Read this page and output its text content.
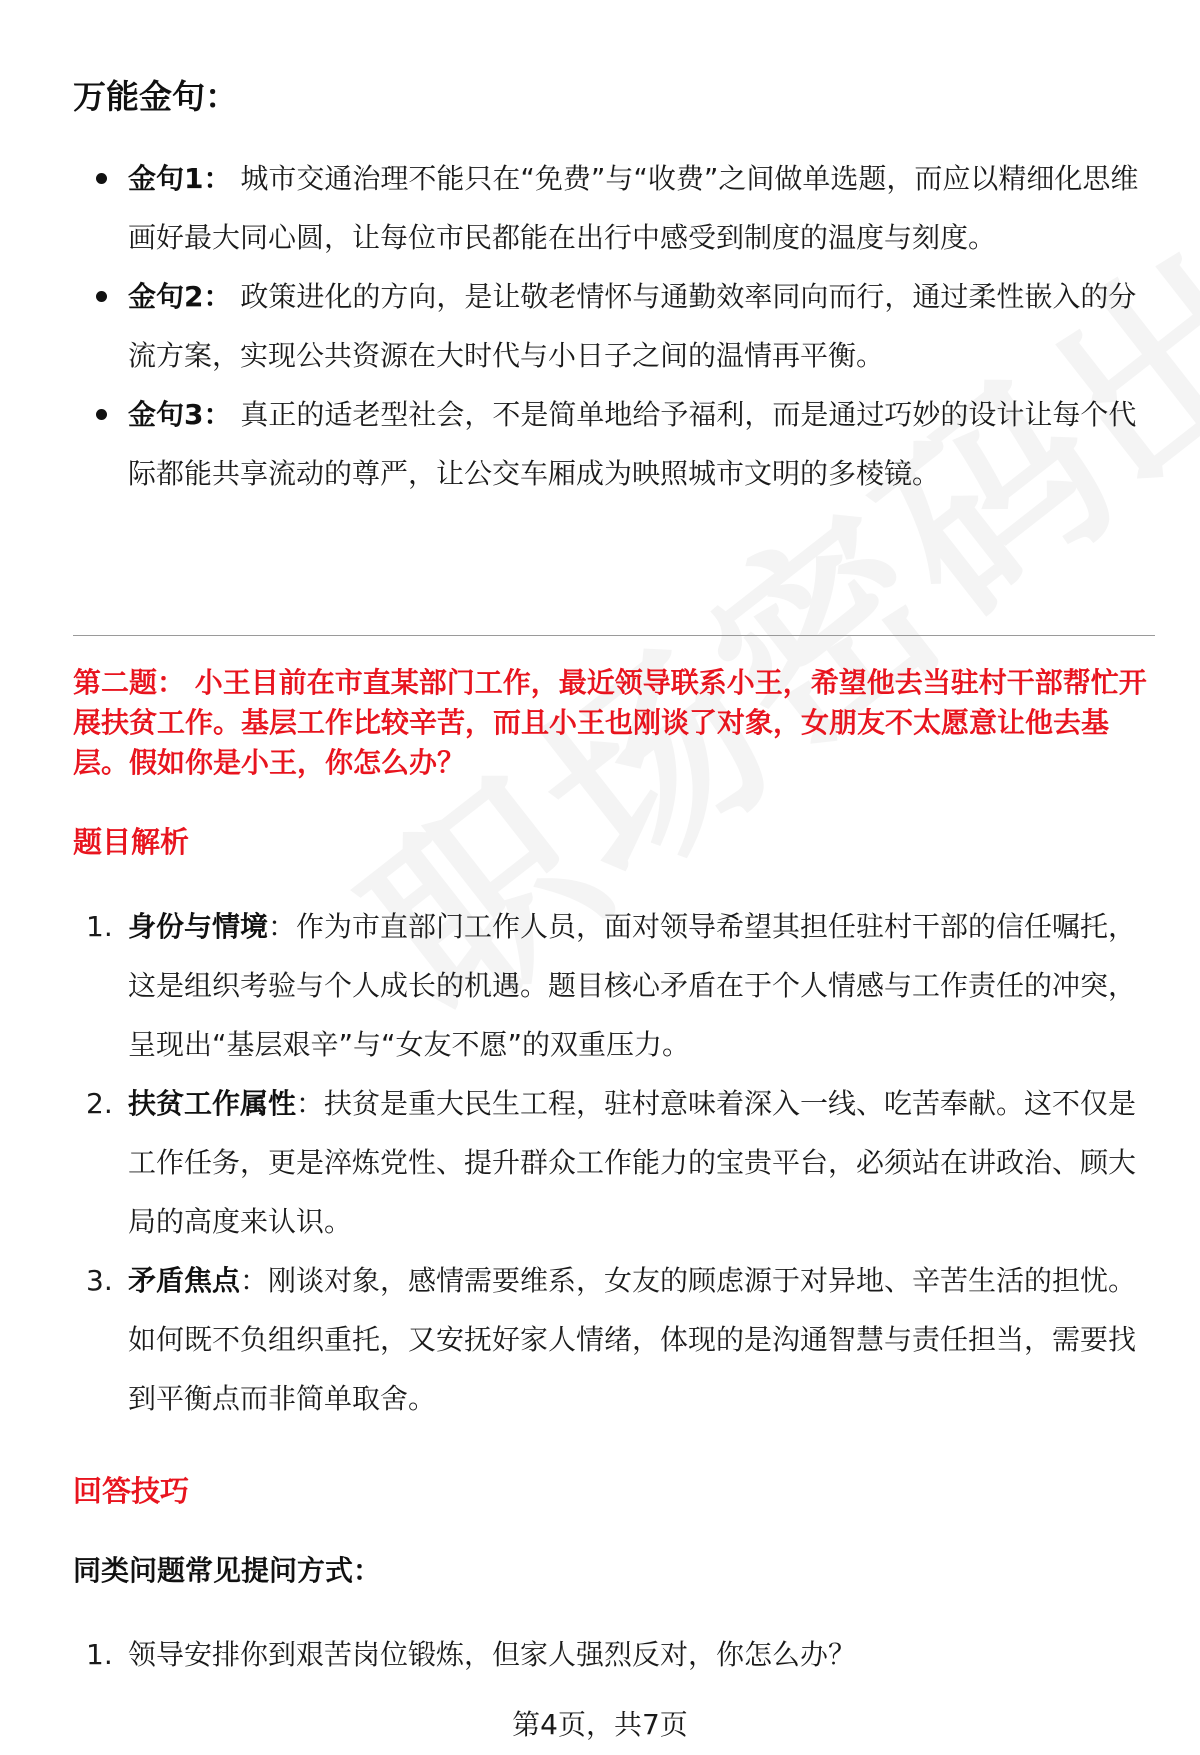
万能金句：
金句1： 城市交通治理不能只在“免费”与“收费”之间做单选题，而应以精细化思维画好最大同心圆，让每位市民都能在出行中感受到制度的温度与刻度。
金句2： 政策进化的方向，是让敬老情怀与通勤效率同向而行，通过柔性嵌入的分流方案，实现公共资源在大时代与小日子之间的温情再平衡。
金句3： 真正的适老型社会，不是简单地给予福利，而是通过巧妙的设计让每个代际都能共享流动的尊严，让公交车厢成为映照城市文明的多棱镜。
第二题： 小王目前在市直某部门工作，最近领导联系小王，希望他去当驻村干部帮忙开展扶贫工作。基层工作比较辛苦，而且小王也刚谈了对象，女朋友不太愿意让他去基层。假如你是小王，你怎么办？
题目解析
1. 身份与情境：作为市直部门工作人员，面对领导希望其担任驻村干部的信任嘱托，这是组织考验与个人成长的机遇。题目核心矛盾在于个人情感与工作责任的冲突，呈现出“基层艰辛”与“女友不愿”的双重压力。
2. 扶贫工作属性：扶贫是重大民生工程，驻村意味着深入一线、吃苦奉献。这不仅是工作任务，更是淬炼党性、提升群众工作能力的宝贵平台，必须站在讲政治、顾大局的高度来认识。
3. 矛盾焦点：刚谈对象，感情需要维系，女友的顾虑源于对异地、辛苦生活的担忧。如何既不负组织重托，又安抚好家人情绪，体现的是沟通智慧与责任担当，需要找到平衡点而非简单取舍。
回答技巧
同类问题常见提问方式：
1. 领导安排你到艰苦岗位锻炼，但家人强烈反对，你怎么办？
第4页，共7页
